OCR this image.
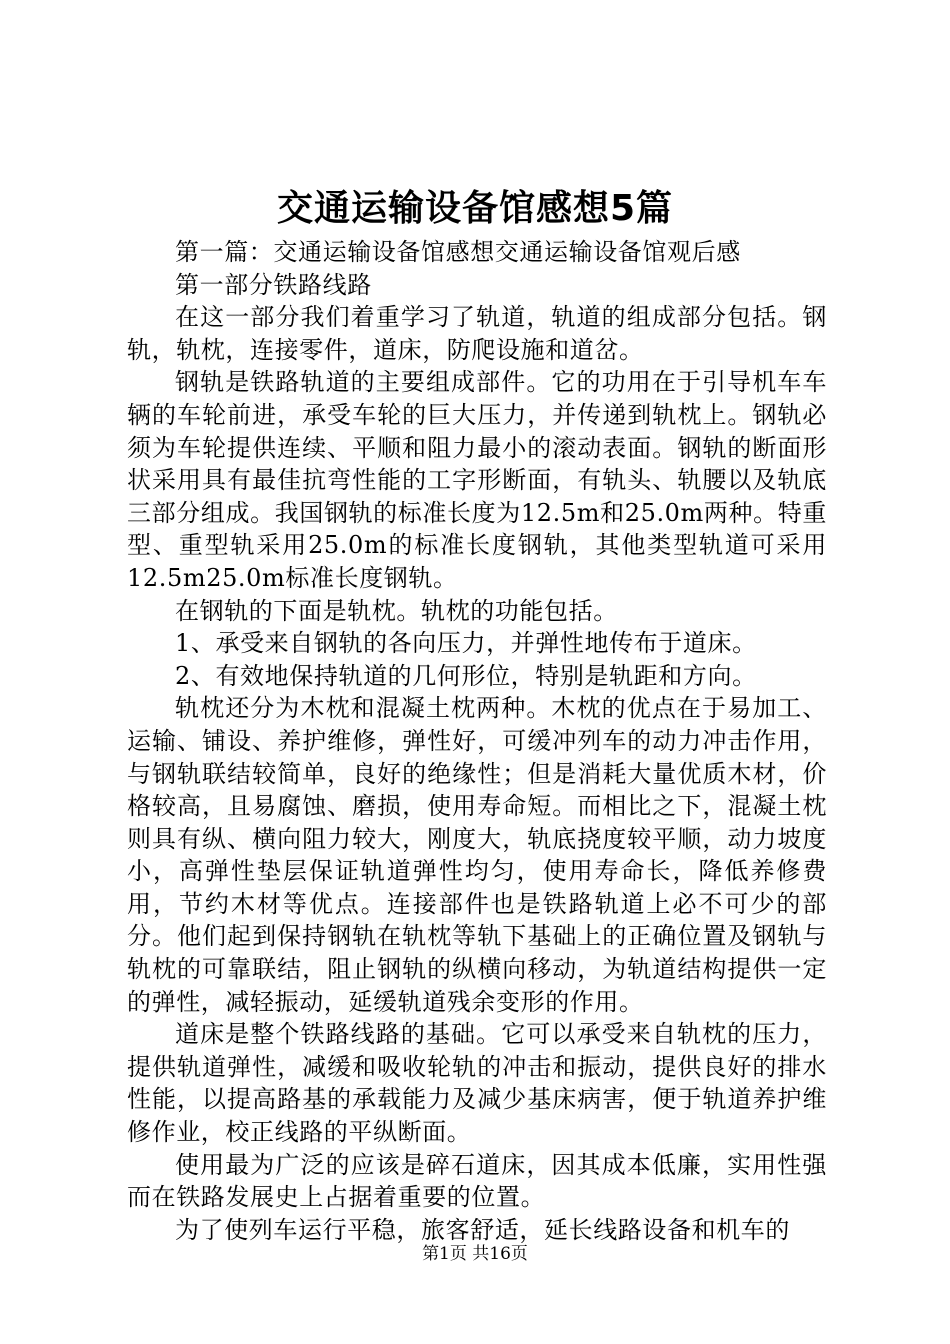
交通运输设备馆感想5篇

第一篇：交通运输设备馆感想交通运输设备馆观后感

第一部分铁路线路

在这一部分我们着重学习了轨道，轨道的组成部分包括。钢轨，轨枕，连接零件，道床，防爬设施和道岔。

钢轨是铁路轨道的主要组成部件。它的功用在于引导机车车辆的车轮前进，承受车轮的巨大压力，并传递到轨枕上。钢轨必须为车轮提供连续、平顺和阻力最小的滚动表面。钢轨的断面形状采用具有最佳抗弯性能的工字形断面，有轨头、轨腰以及轨底三部分组成。我国钢轨的标准长度为12.5m和25.0m两种。特重型、重型轨采用25.0m的标准长度钢轨，其他类型轨道可采用12.5m25.0m标准长度钢轨。

在钢轨的下面是轨枕。轨枕的功能包括。

1、承受来自钢轨的各向压力，并弹性地传布于道床。

2、有效地保持轨道的几何形位，特别是轨距和方向。

轨枕还分为木枕和混凝土枕两种。木枕的优点在于易加工、运输、铺设、养护维修，弹性好，可缓冲列车的动力冲击作用，与钢轨联结较简单，良好的绝缘性；但是消耗大量优质木材，价格较高，且易腐蚀、磨损，使用寿命短。而相比之下，混凝土枕则具有纵、横向阻力较大，刚度大，轨底挠度较平顺，动力坡度小，高弹性垫层保证轨道弹性均匀，使用寿命长，降低养修费用，节约木材等优点。连接部件也是铁路轨道上必不可少的部分。他们起到保持钢轨在轨枕等轨下基础上的正确位置及钢轨与轨枕的可靠联结，阻止钢轨的纵横向移动，为轨道结构提供一定的弹性，减轻振动，延缓轨道残余变形的作用。

道床是整个铁路线路的基础。它可以承受来自轨枕的压力，提供轨道弹性，减缓和吸收轮轨的冲击和振动，提供良好的排水性能，以提高路基的承载能力及减少基床病害，便于轨道养护维修作业，校正线路的平纵断面。

使用最为广泛的应该是碎石道床，因其成本低廉，实用性强而在铁路发展史上占据着重要的位置。

为了使列车运行平稳，旅客舒适，延长线路设备和机车的

第1页 共16页
